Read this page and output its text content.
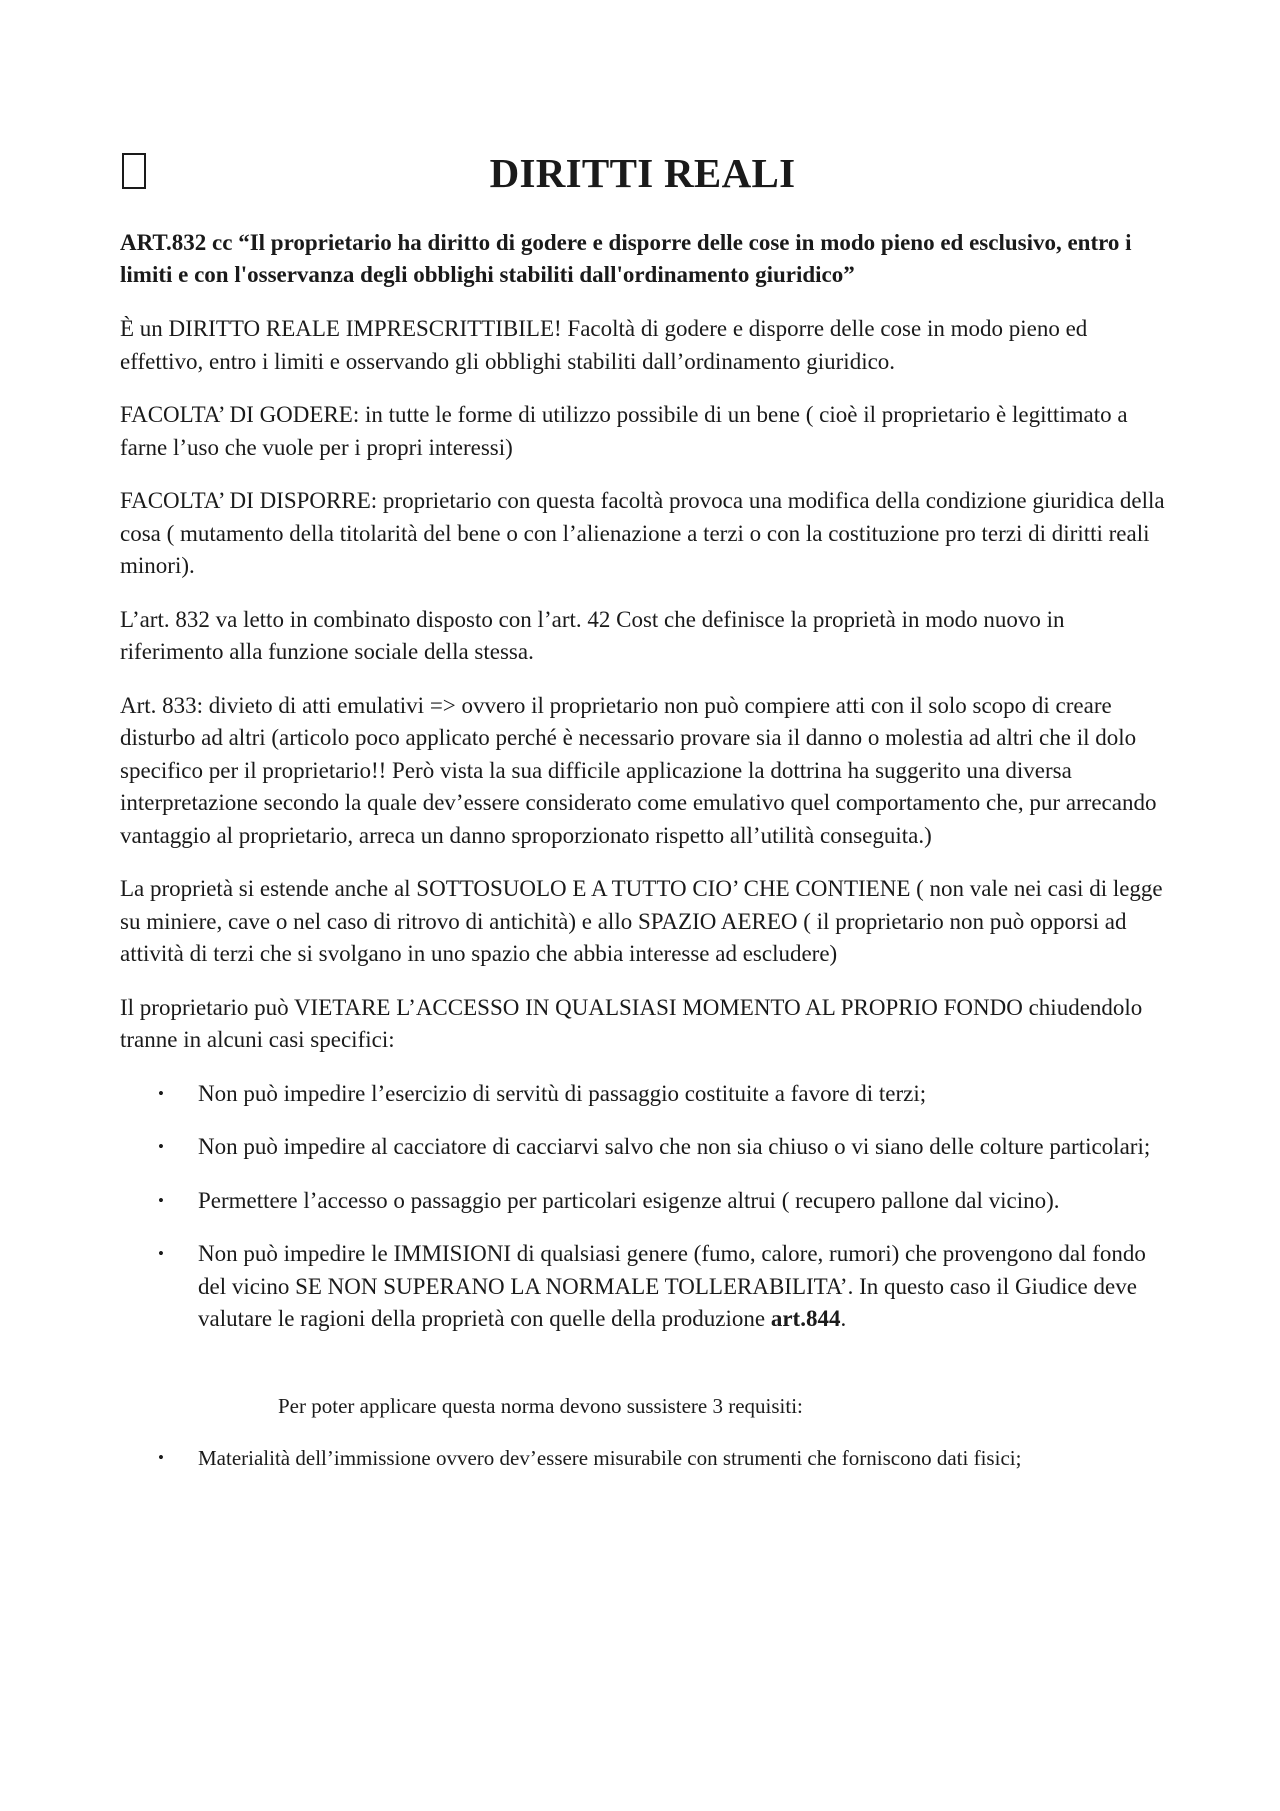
DIRITTI REALI

ART.832 cc “Il proprietario ha diritto di godere e disporre delle cose in modo pieno ed esclusivo, entro i limiti e con l'osservanza degli obblighi stabiliti dall'ordinamento giuridico”

È un DIRITTO REALE IMPRESCRITTIBILE! Facoltà di godere e disporre delle cose in modo pieno ed effettivo, entro i limiti e osservando gli obblighi stabiliti dall’ordinamento giuridico.

FACOLTA’ DI GODERE: in tutte le forme di utilizzo possibile di un bene ( cioè il proprietario è legittimato a farne l’uso che vuole per i propri interessi)

FACOLTA’ DI DISPORRE: proprietario con questa facoltà provoca una modifica della condizione giuridica della cosa ( mutamento della titolarità del bene o con l’alienazione a terzi o con la costituzione pro terzi di diritti reali minori).

L’art. 832 va letto in combinato disposto con l’art. 42 Cost che definisce la proprietà in modo nuovo in riferimento alla funzione sociale della stessa.

Art. 833: divieto di atti emulativi => ovvero il proprietario non può compiere atti con il solo scopo di creare disturbo ad altri (articolo poco applicato perché è necessario provare sia il danno o molestia ad altri che il dolo specifico per il proprietario!! Però vista la sua difficile applicazione la dottrina ha suggerito una diversa interpretazione secondo la quale dev’essere considerato come emulativo quel comportamento che, pur arrecando vantaggio al proprietario, arreca un danno sproporzionato rispetto all’utilità conseguita.)

La proprietà si estende anche al SOTTOSUOLO E A TUTTO CIO’ CHE CONTIENE ( non vale nei casi di legge su miniere, cave o nel caso di ritrovo di antichità) e allo SPAZIO AEREO ( il proprietario non può opporsi ad attività di terzi che si svolgano in uno spazio che abbia interesse ad escludere)

Il proprietario può VIETARE L’ACCESSO IN QUALSIASI MOMENTO AL PROPRIO FONDO chiudendolo tranne in alcuni casi specifici:

• Non può impedire l’esercizio di servitù di passaggio costituite a favore di terzi;
• Non può impedire al cacciatore di cacciarvi salvo che non sia chiuso o vi siano delle colture particolari;
• Permettere l’accesso o passaggio per particolari esigenze altrui ( recupero pallone dal vicino).
• Non può impedire le IMMISIONI di qualsiasi genere (fumo, calore, rumori) che provengono dal fondo del vicino SE NON SUPERANO LA NORMALE TOLLERABILITA’. In questo caso il Giudice deve valutare le ragioni della proprietà con quelle della produzione art.844.

Per poter applicare questa norma devono sussistere 3 requisiti:

• Materialità dell’immissione ovvero dev’essere misurabile con strumenti che forniscono dati fisici;
